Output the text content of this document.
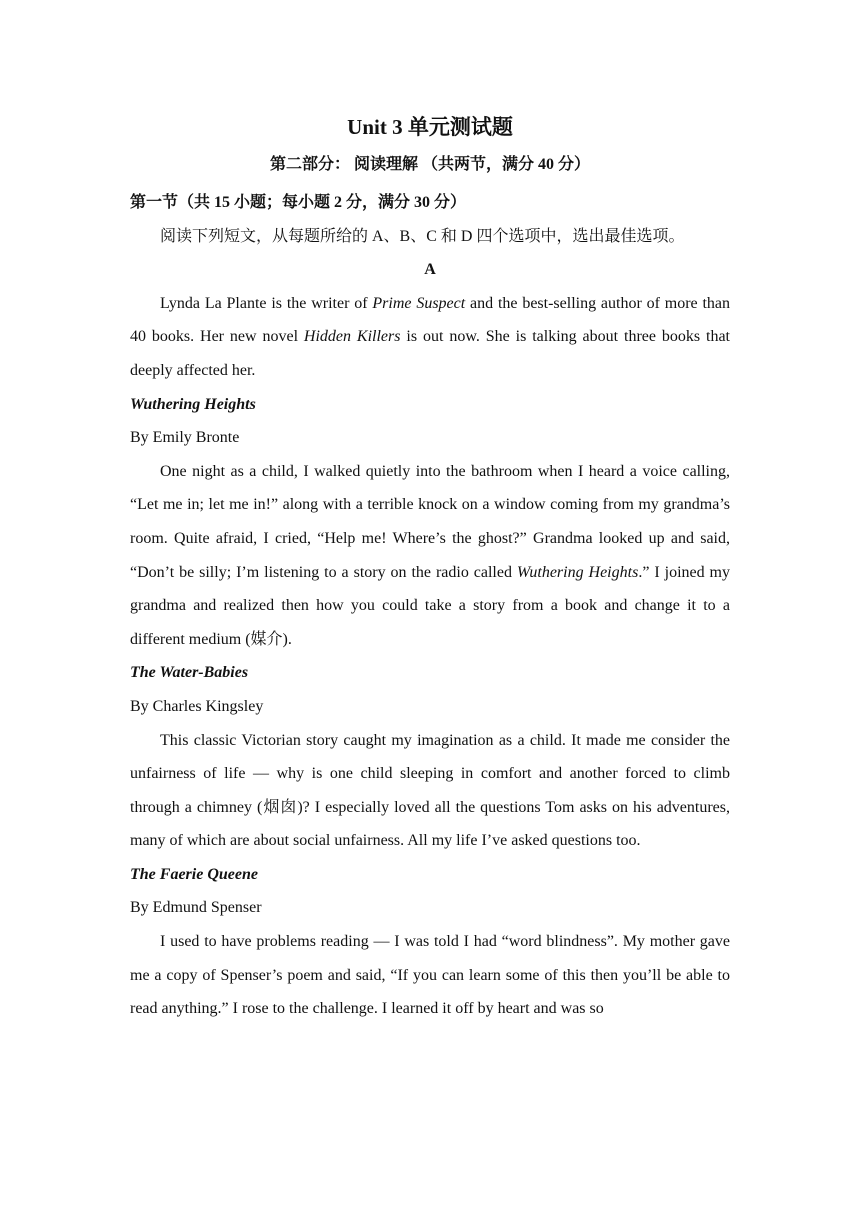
Unit 3 单元测试题
第二部分： 阅读理解 （共两节，满分 40 分）

第一节（共 15 小题；每小题 2 分，满分 30 分）

阅读下列短文，从每题所给的 A、B、C 和 D 四个选项中，选出最佳选项。

A

Lynda La Plante is the writer of Prime Suspect and the best-selling author of more than 40 books. Her new novel Hidden Killers is out now. She is talking about three books that deeply affected her.

Wuthering Heights

By Emily Bronte

One night as a child, I walked quietly into the bathroom when I heard a voice calling, “Let me in; let me in!” along with a terrible knock on a window coming from my grandma’s room. Quite afraid, I cried, “Help me! Where’s the ghost?” Grandma looked up and said, “Don’t be silly; I’m listening to a story on the radio called Wuthering Heights.” I joined my grandma and realized then how you could take a story from a book and change it to a different medium (媒介).

The Water-Babies

By Charles Kingsley

This classic Victorian story caught my imagination as a child. It made me consider the unfairness of life — why is one child sleeping in comfort and another forced to climb through a chimney (烟囱)? I especially loved all the questions Tom asks on his adventures, many of which are about social unfairness. All my life I’ve asked questions too.

The Faerie Queene

By Edmund Spenser

I used to have problems reading — I was told I had “word blindness”. My mother gave me a copy of Spenser’s poem and said, “If you can learn some of this then you’ll be able to read anything.” I rose to the challenge. I learned it off by heart and was so
